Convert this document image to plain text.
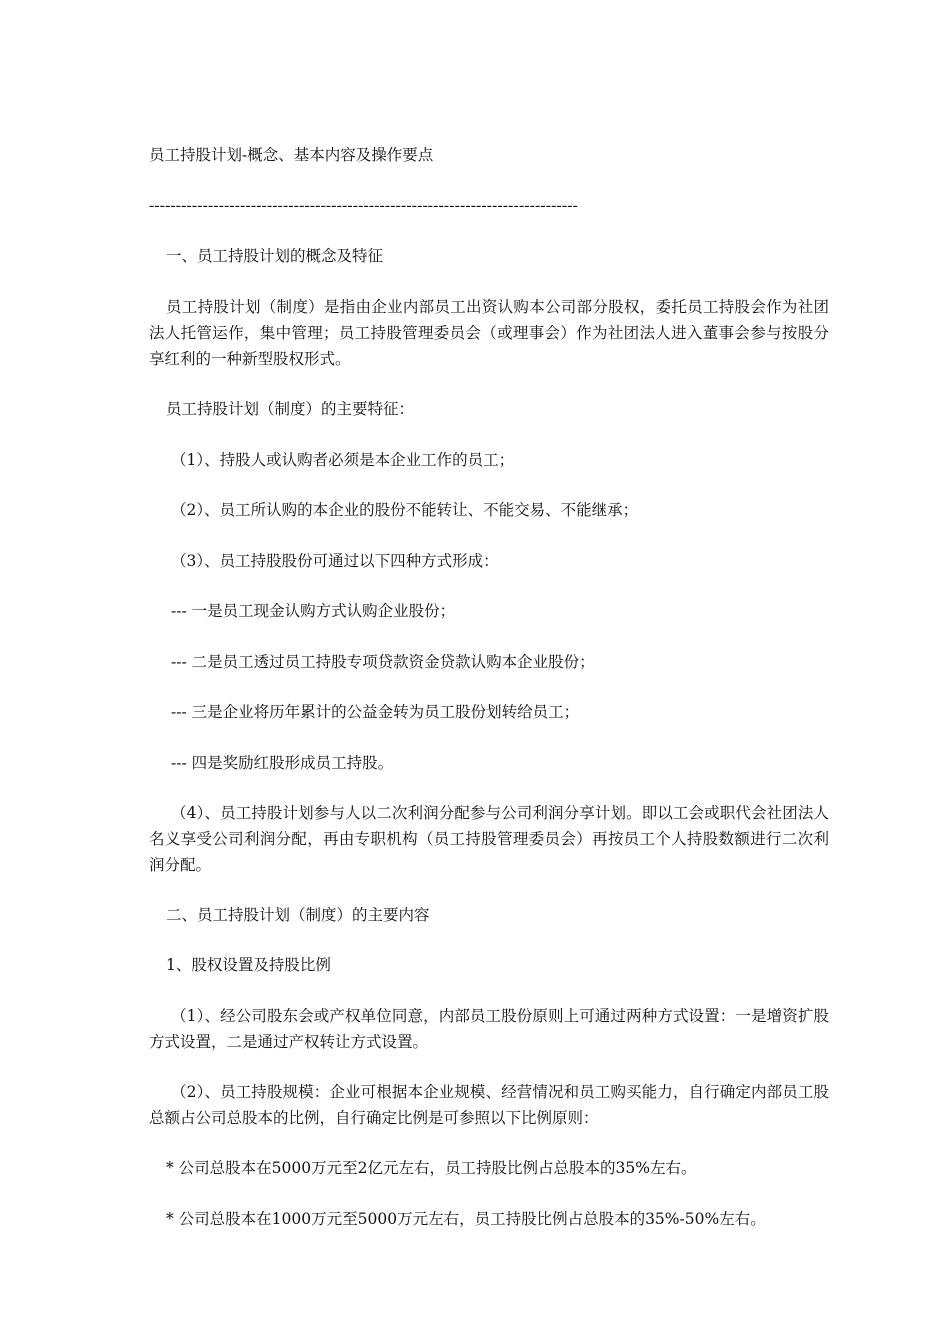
员工持股计划-概念、基本内容及操作要点

--------------------------------------------------------------------------------

一、员工持股计划的概念及特征

员工持股计划（制度）是指由企业内部员工出资认购本公司部分股权，委托员工持股会作为社团法人托管运作，集中管理；员工持股管理委员会（或理事会）作为社团法人进入董事会参与按股分享红利的一种新型股权形式。

员工持股计划（制度）的主要特征：

（1）、持股人或认购者必须是本企业工作的员工；

（2）、员工所认购的本企业的股份不能转让、不能交易、不能继承；

（3）、员工持股股份可通过以下四种方式形成：

--- 一是员工现金认购方式认购企业股份；

--- 二是员工透过员工持股专项贷款资金贷款认购本企业股份；

--- 三是企业将历年累计的公益金转为员工股份划转给员工；

--- 四是奖励红股形成员工持股。

（4）、员工持股计划参与人以二次利润分配参与公司利润分享计划。即以工会或职代会社团法人名义享受公司利润分配，再由专职机构（员工持股管理委员会）再按员工个人持股数额进行二次利润分配。

二、员工持股计划（制度）的主要内容

1、股权设置及持股比例

（1）、经公司股东会或产权单位同意，内部员工股份原则上可通过两种方式设置：一是增资扩股方式设置，二是通过产权转让方式设置。

（2）、员工持股规模：企业可根据本企业规模、经营情况和员工购买能力，自行确定内部员工股总额占公司总股本的比例，自行确定比例是可参照以下比例原则：

* 公司总股本在5000万元至2亿元左右，员工持股比例占总股本的35%左右。

* 公司总股本在1000万元至5000万元左右，员工持股比例占总股本的35%-50%左右。
